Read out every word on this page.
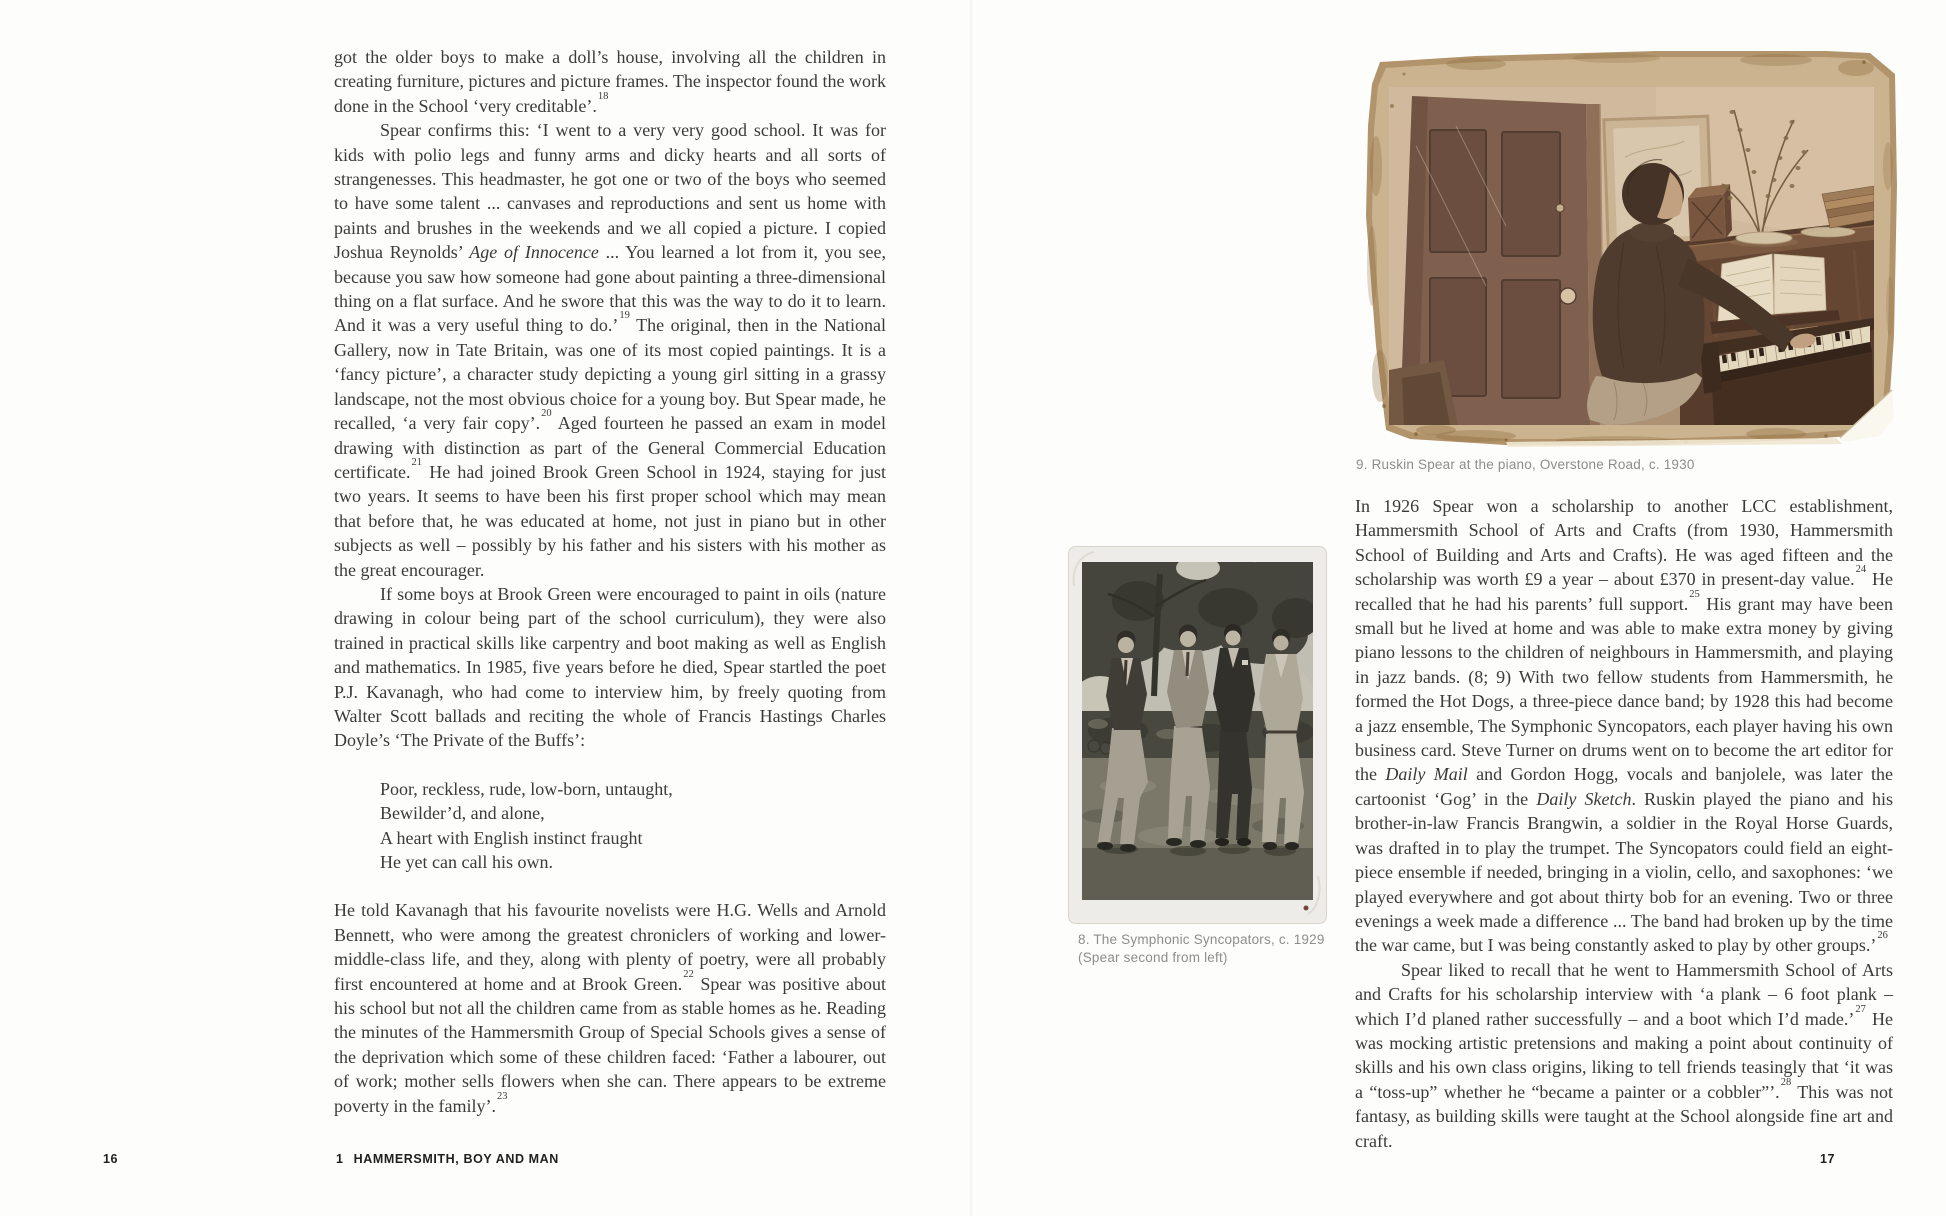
got the older boys to make a doll’s house, involving all the children in creating furniture, pictures and picture frames. The inspector found the work done in the School ‘very creditable’.$^{18}$

Spear confirms this: ‘I went to a very very good school. It was for kids with polio legs and funny arms and dicky hearts and all sorts of strangenesses. This headmaster, he got one or two of the boys who seemed to have some talent ... canvases and reproductions and sent us home with paints and brushes in the weekends and we all copied a picture. I copied Joshua Reynolds’ Age of Innocence ... You learned a lot from it, you see, because you saw how someone had gone about painting a three-dimensional thing on a flat surface. And he swore that this was the way to do it to learn. And it was a very useful thing to do.’$^{19}$ The original, then in the National Gallery, now in Tate Britain, was one of its most copied paintings. It is a ‘fancy picture’, a character study depicting a young girl sitting in a grassy landscape, not the most obvious choice for a young boy. But Spear made, he recalled, ‘a very fair copy’.$^{20}$ Aged fourteen he passed an exam in model drawing with distinction as part of the General Commercial Education certificate.$^{21}$ He had joined Brook Green School in 1924, staying for just two years. It seems to have been his first proper school which may mean that before that, he was educated at home, not just in piano but in other subjects as well – possibly by his father and his sisters with his mother as the great encourager.

If some boys at Brook Green were encouraged to paint in oils (nature drawing in colour being part of the school curriculum), they were also trained in practical skills like carpentry and boot making as well as English and mathematics. In 1985, five years before he died, Spear startled the poet P.J. Kavanagh, who had come to interview him, by freely quoting from Walter Scott ballads and reciting the whole of Francis Hastings Charles Doyle’s ‘The Private of the Buffs’:

Poor, reckless, rude, low-born, untaught,
Bewilder’d, and alone,
A heart with English instinct fraught
He yet can call his own.

He told Kavanagh that his favourite novelists were H.G. Wells and Arnold Bennett, who were among the greatest chroniclers of working and lower-middle-class life, and they, along with plenty of poetry, were all probably first encountered at home and at Brook Green.$^{22}$ Spear was positive about his school but not all the children came from as stable homes as he. Reading the minutes of the Hammersmith Group of Special Schools gives a sense of the deprivation which some of these children faced: ‘Father a labourer, out of work; mother sells flowers when she can. There appears to be extreme poverty in the family’.$^{23}$

9. Ruskin Spear at the piano, Overstone Road, c. 1930

In 1926 Spear won a scholarship to another LCC establishment, Hammersmith School of Arts and Crafts (from 1930, Hammersmith School of Building and Arts and Crafts). He was aged fifteen and the scholarship was worth £9 a year – about £370 in present-day value.$^{24}$ He recalled that he had his parents’ full support.$^{25}$ His grant may have been small but he lived at home and was able to make extra money by giving piano lessons to the children of neighbours in Hammersmith, and playing in jazz bands. (8; 9) With two fellow students from Hammersmith, he formed the Hot Dogs, a three-piece dance band; by 1928 this had become a jazz ensemble, The Symphonic Syncopators, each player having his own business card. Steve Turner on drums went on to become the art editor for the Daily Mail and Gordon Hogg, vocals and banjolele, was later the cartoonist ‘Gog’ in the Daily Sketch. Ruskin played the piano and his brother-in-law Francis Brangwin, a soldier in the Royal Horse Guards, was drafted in to play the trumpet. The Syncopators could field an eight-piece ensemble if needed, bringing in a violin, cello, and saxophones: ‘we played everywhere and got about thirty bob for an evening. Two or three evenings a week made a difference ... The band had broken up by the time the war came, but I was being constantly asked to play by other groups.’$^{26}$

Spear liked to recall that he went to Hammersmith School of Arts and Crafts for his scholarship interview with ‘a plank – 6 foot plank – which I’d planed rather successfully – and a boot which I’d made.’$^{27}$ He was mocking artistic pretensions and making a point about continuity of skills and his own class origins, liking to tell friends teasingly that ‘it was a “toss-up” whether he “became a painter or a cobbler”’.$^{28}$ This was not fantasy, as building skills were taught at the School alongside fine art and craft.

8. The Symphonic Syncopators, c. 1929
(Spear second from left)
16	1 HAMMERSMITH, BOY AND MAN	17
